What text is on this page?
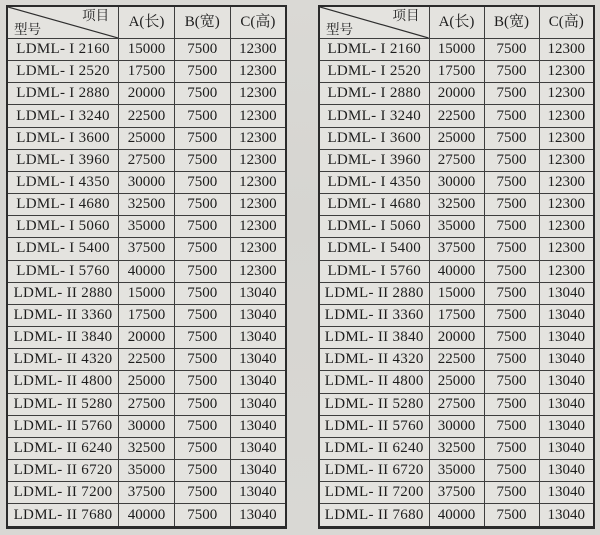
项目
型号	A(长)	B(宽)	C(高)
LDML- I 2160	15000	7500	12300
LDML- I 2520	17500	7500	12300
LDML- I 2880	20000	7500	12300
LDML- I 3240	22500	7500	12300
LDML- I 3600	25000	7500	12300
LDML- I 3960	27500	7500	12300
LDML- I 4350	30000	7500	12300
LDML- I 4680	32500	7500	12300
LDML- I 5060	35000	7500	12300
LDML- I 5400	37500	7500	12300
LDML- I 5760	40000	7500	12300
LDML- II 2880	15000	7500	13040
LDML- II 3360	17500	7500	13040
LDML- II 3840	20000	7500	13040
LDML- II 4320	22500	7500	13040
LDML- II 4800	25000	7500	13040
LDML- II 5280	27500	7500	13040
LDML- II 5760	30000	7500	13040
LDML- II 6240	32500	7500	13040
LDML- II 6720	35000	7500	13040
LDML- II 7200	37500	7500	13040
LDML- II 7680	40000	7500	13040
项目
型号	A(长)	B(宽)	C(高)
LDML- I 2160	15000	7500	12300
LDML- I 2520	17500	7500	12300
LDML- I 2880	20000	7500	12300
LDML- I 3240	22500	7500	12300
LDML- I 3600	25000	7500	12300
LDML- I 3960	27500	7500	12300
LDML- I 4350	30000	7500	12300
LDML- I 4680	32500	7500	12300
LDML- I 5060	35000	7500	12300
LDML- I 5400	37500	7500	12300
LDML- I 5760	40000	7500	12300
LDML- II 2880	15000	7500	13040
LDML- II 3360	17500	7500	13040
LDML- II 3840	20000	7500	13040
LDML- II 4320	22500	7500	13040
LDML- II 4800	25000	7500	13040
LDML- II 5280	27500	7500	13040
LDML- II 5760	30000	7500	13040
LDML- II 6240	32500	7500	13040
LDML- II 6720	35000	7500	13040
LDML- II 7200	37500	7500	13040
LDML- II 7680	40000	7500	13040
